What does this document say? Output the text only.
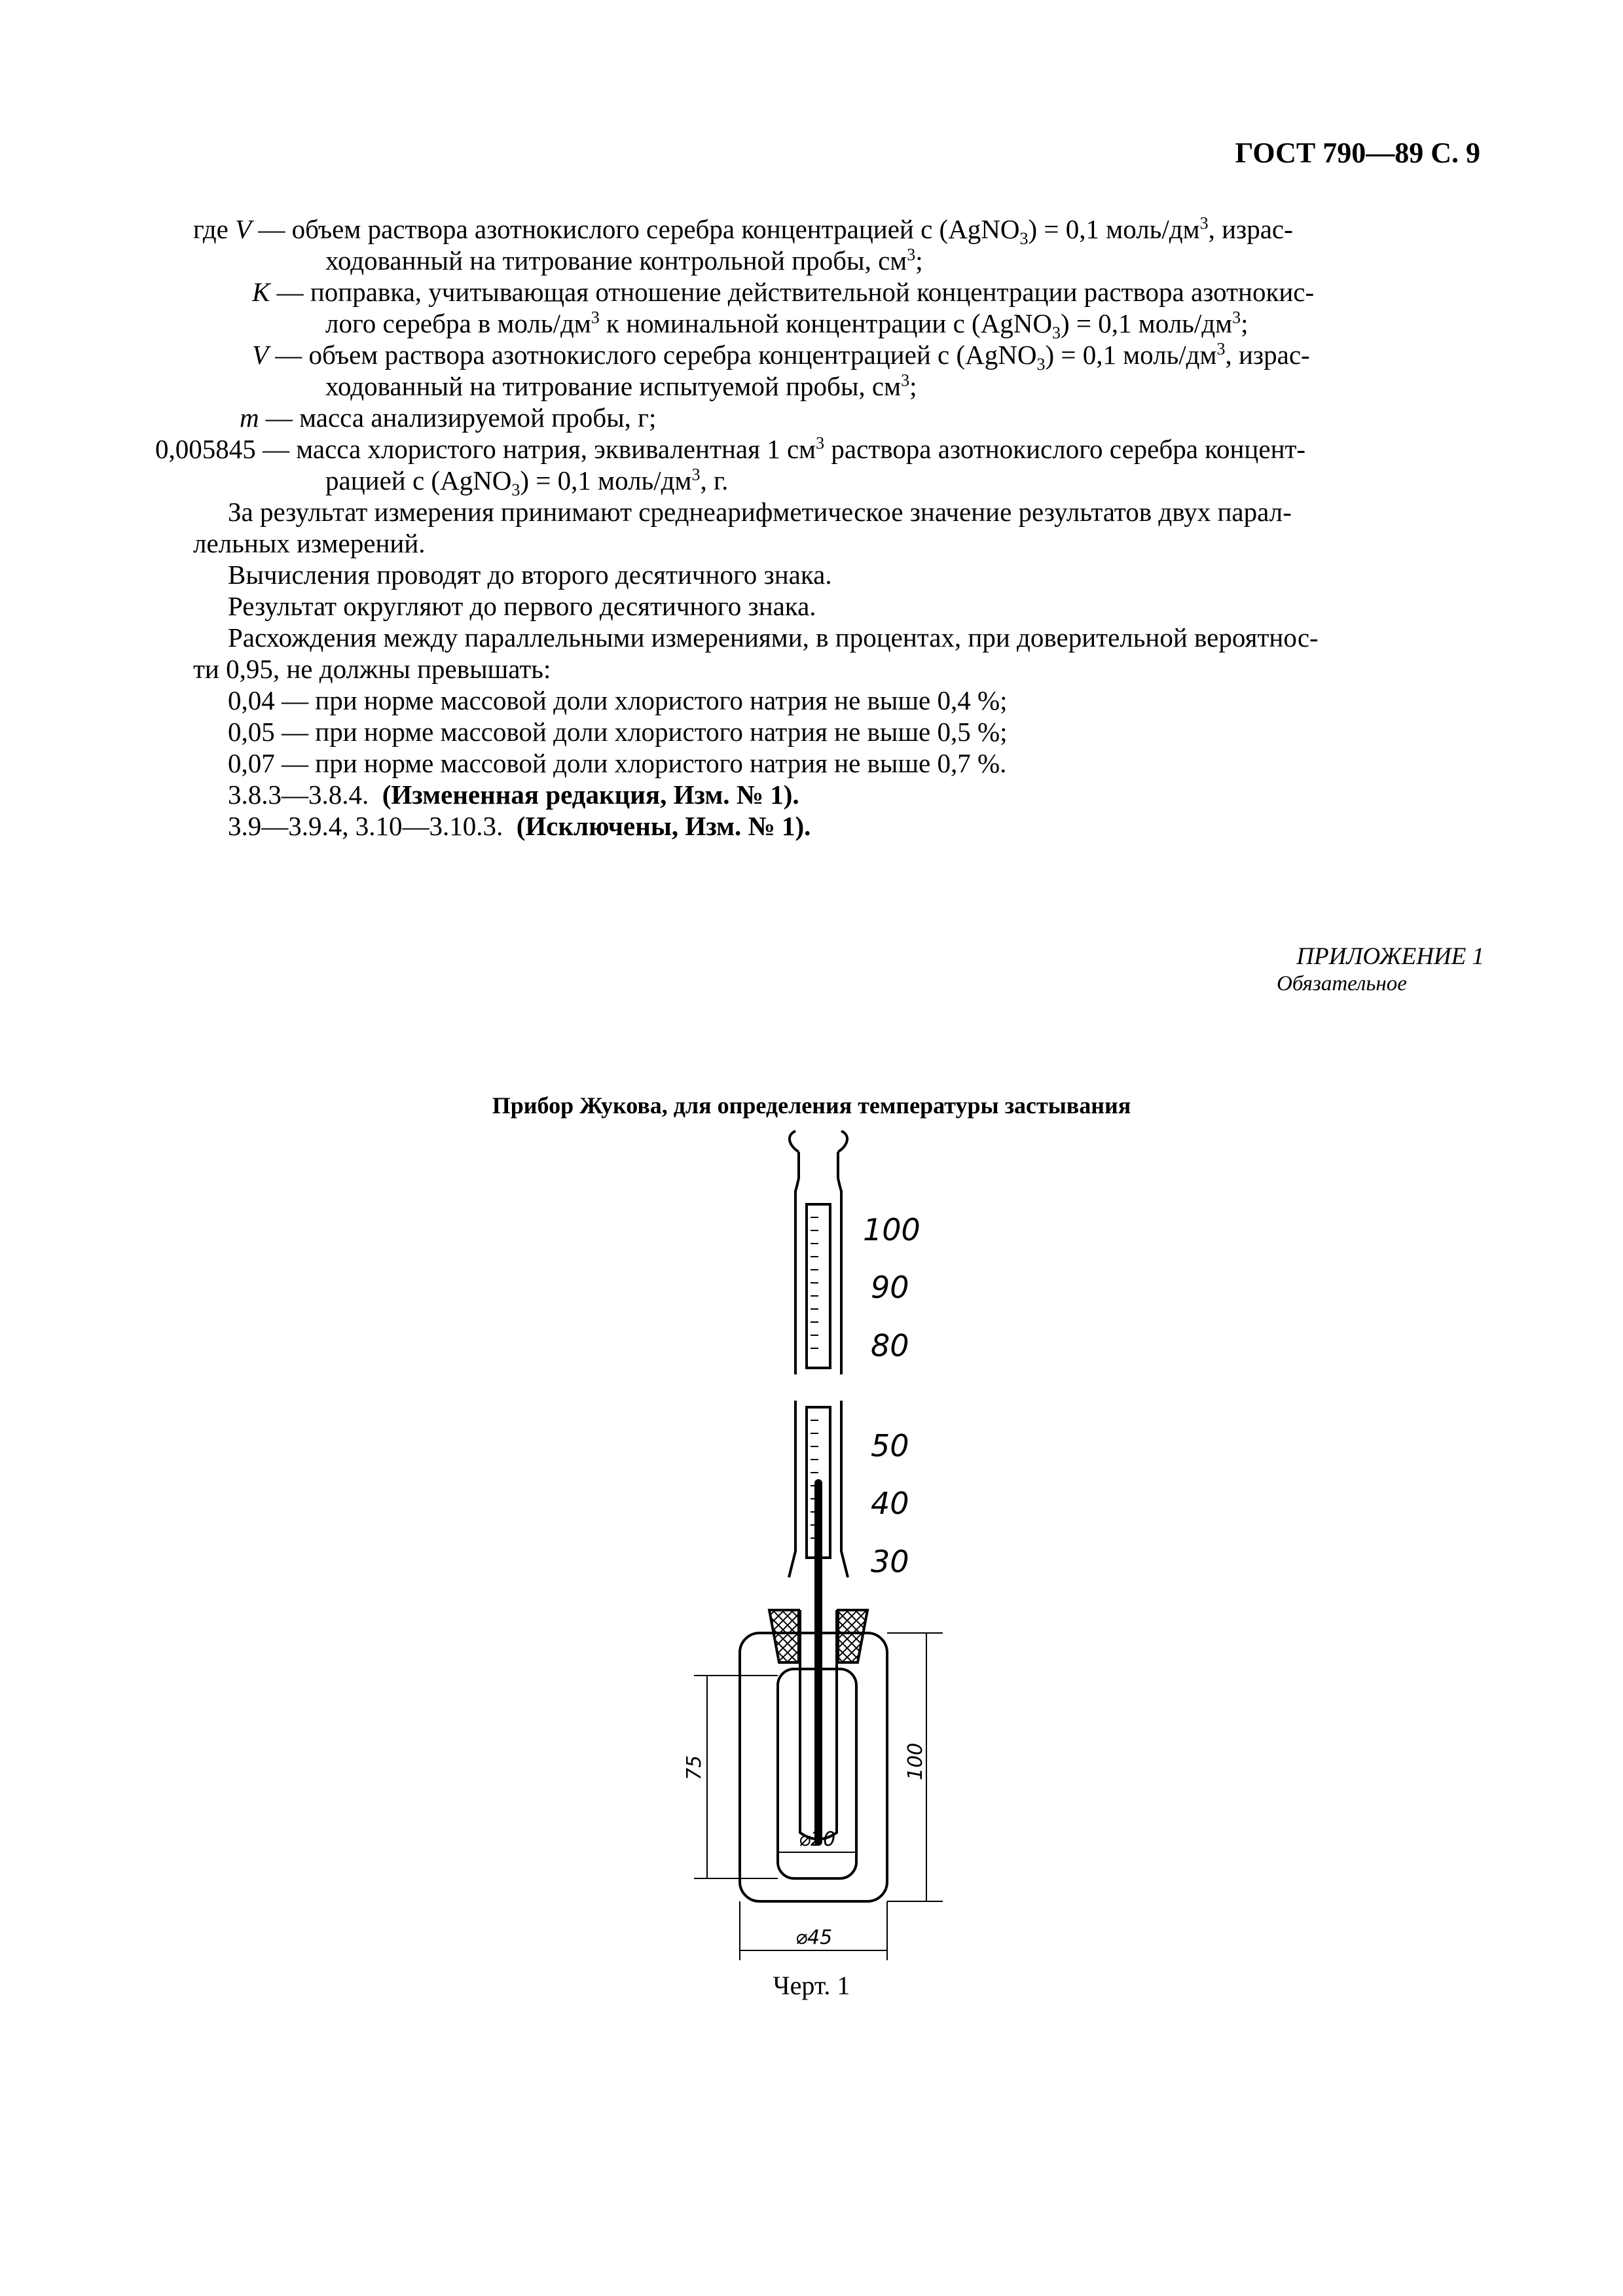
ГОСТ 790—89 С. 9
где V — объем раствора азотнокислого серебра концентрацией с (AgNO$_3$) = 0,1 моль/$дм^3$, израс-
ходованный на титрование контрольной пробы, $см^3$;
K — поправка, учитывающая отношение действительной концентрации раствора азотнокис-
лого серебра в моль/$дм^3$ к номинальной концентрации с (AgNO$_3$) = 0,1 моль/$дм^3$;
V — объем раствора азотнокислого серебра концентрацией с (AgNO$_3$) = 0,1 моль/$дм^3$, израс-
ходованный на титрование испытуемой пробы, $см^3$;
m — масса анализируемой пробы, г;
0,005845 — масса хлористого натрия, эквивалентная 1 $см^3$ раствора азотнокислого серебра концент-
рацией с (AgNO$_3$) = 0,1 моль/$дм^3$, г.
За результат измерения принимают среднеарифметическое значение результатов двух парал-
лельных измерений.
Вычисления проводят до второго десятичного знака.
Результат округляют до первого десятичного знака.
Расхождения между параллельными измерениями, в процентах, при доверительной вероятнос-
ти 0,95, не должны превышать:
0,04 — при норме массовой доли хлористого натрия не выше 0,4 %;
0,05 — при норме массовой доли хлористого натрия не выше 0,5 %;
0,07 — при норме массовой доли хлористого натрия не выше 0,7 %.
3.8.3—3.8.4. (Измененная редакция, Изм. № 1).
3.9—3.9.4, 3.10—3.10.3. (Исключены, Изм. № 1).
ПРИЛОЖЕНИЕ 1
Обязательное
Прибор Жукова, для определения температуры застывания
100
90
80
50
40
30
75	100
⌀20
⌀45
Черт. 1
